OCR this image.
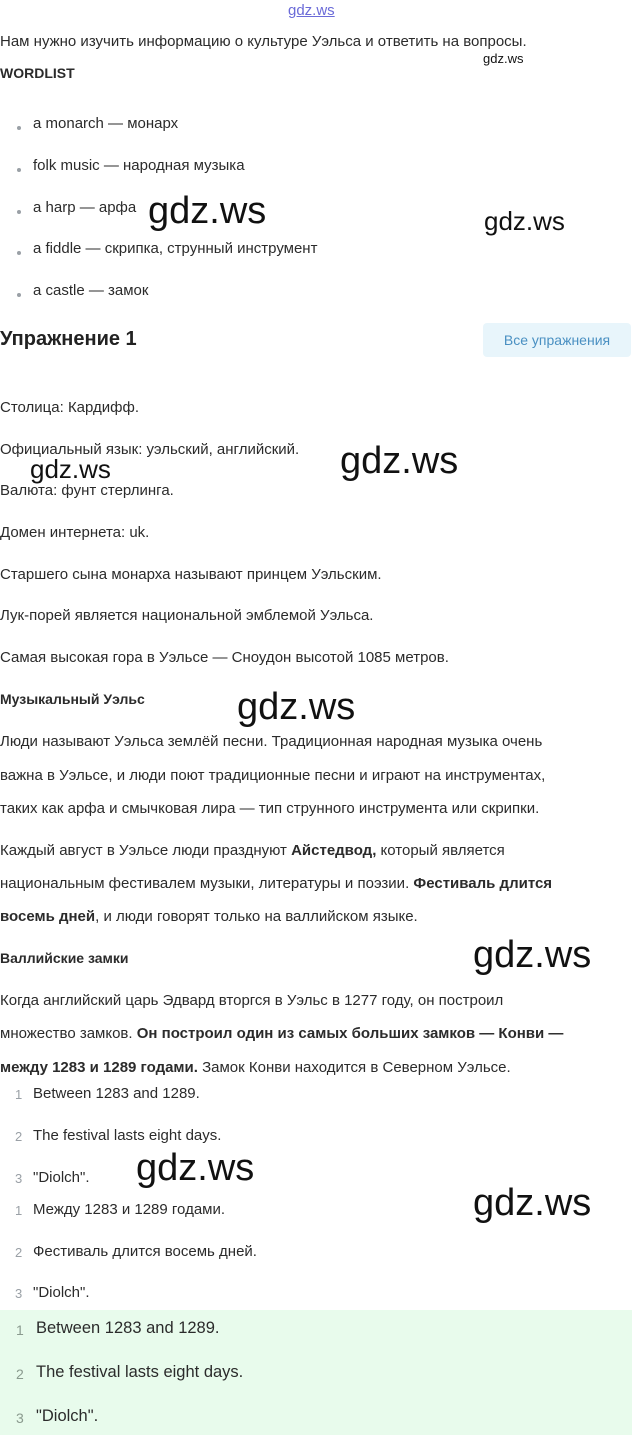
gdz.ws
gdz.ws
Нам нужно изучить информацию о культуре Уэльса и ответить на вопросы.
WORDLIST
a monarch — монарх
folk music — народная музыка
a harp — арфа
a fiddle — скрипка, струнный инструмент
a castle — замок
Упражнение 1	Все упражнения
Столица: Кардифф.
Официальный язык: уэльский, английский.
Валюта: фунт стерлинга.
Домен интернета: uk.
Старшего сына монарха называют принцем Уэльским.
Лук-порей является национальной эмблемой Уэльса.
Самая высокая гора в Уэльсе — Сноудон высотой 1085 метров.
Музыкальный Уэльс
Люди называют Уэльса землёй песни. Традиционная народная музыка очень
важна в Уэльсе, и люди поют традиционные песни и играют на инструментах,
таких как арфа и смычковая лира — тип струнного инструмента или скрипки.
Каждый август в Уэльсе люди празднуют Айстедвод, который является
национальным фестивалем музыки, литературы и поэзии. Фестиваль длится
восемь дней, и люди говорят только на валлийском языке.
Валлийские замки
Когда английский царь Эдвард вторгся в Уэльс в 1277 году, он построил
множество замков. Он построил один из самых больших замков — Конви —
между 1283 и 1289 годами. Замок Конви находится в Северном Уэльсе.
1 Between 1283 and 1289.
2 The festival lasts eight days.
3 "Diolch".
1 Между 1283 и 1289 годами.
2 Фестиваль длится восемь дней.
3 "Diolch".
1 Between 1283 and 1289.
2 The festival lasts eight days.
3 "Diolch".
gdz.ws	gdz.ws
gdz.ws	gdz.ws
gdz.ws
gdz.ws
gdz.ws
gdz.ws
